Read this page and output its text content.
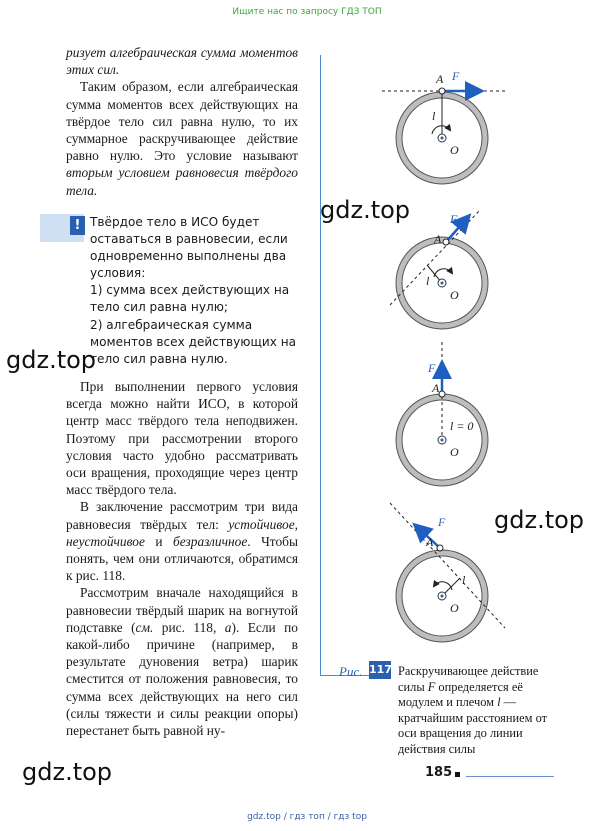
Ищите нас по запросу ГДЗ ТОП

ризует алгебраическая сумма моментов этих сил.

Таким образом, если алгебраическая сумма моментов всех действующих на твёрдое тело сил равна нулю, то их суммарное раскручивающее действие равно нулю. Это условие называют вторым условием равновесия твёрдого тела.

! Твёрдое тело в ИСО будет оставаться в равновесии, если одновременно выполнены два условия:

1) сумма всех действующих на тело сил равна нулю;

2) алгебраическая сумма моментов всех действующих на тело сил равна нулю.

При выполнении первого условия всегда можно найти ИСО, в которой центр масс твёрдого тела неподвижен. Поэтому при рассмотрении второго условия часто удобно рассматривать оси вращения, проходящие через центр масс твёрдого тела.

В заключение рассмотрим три вида равновесия твёрдых тел: устойчивое, неустойчивое и безразличное. Чтобы понять, чем они отличаются, обратимся к рис. 118.

Рассмотрим вначале находящийся в равновесии твёрдый шарик на вогнутой подставке (см. рис. 118, а). Если по какой-либо причине (например, в результате дуновения ветра) шарик сместится от положения равновесия, то сумма всех действующих на него сил (силы тяжести и силы реакции опоры) перестанет быть равной ну-

A F
l
O
A
F
l
O
A
F
l = 0
O
A
F
l
O
Рис. 117 Раскручивающее действие силы F определяется её модулем и плечом l — кратчайшим расстоянием от оси вращения до линии действия силы
gdz.top
gdz.top
gdz.top
gdz.top	185
gdz.top / гдз топ / гдз top
